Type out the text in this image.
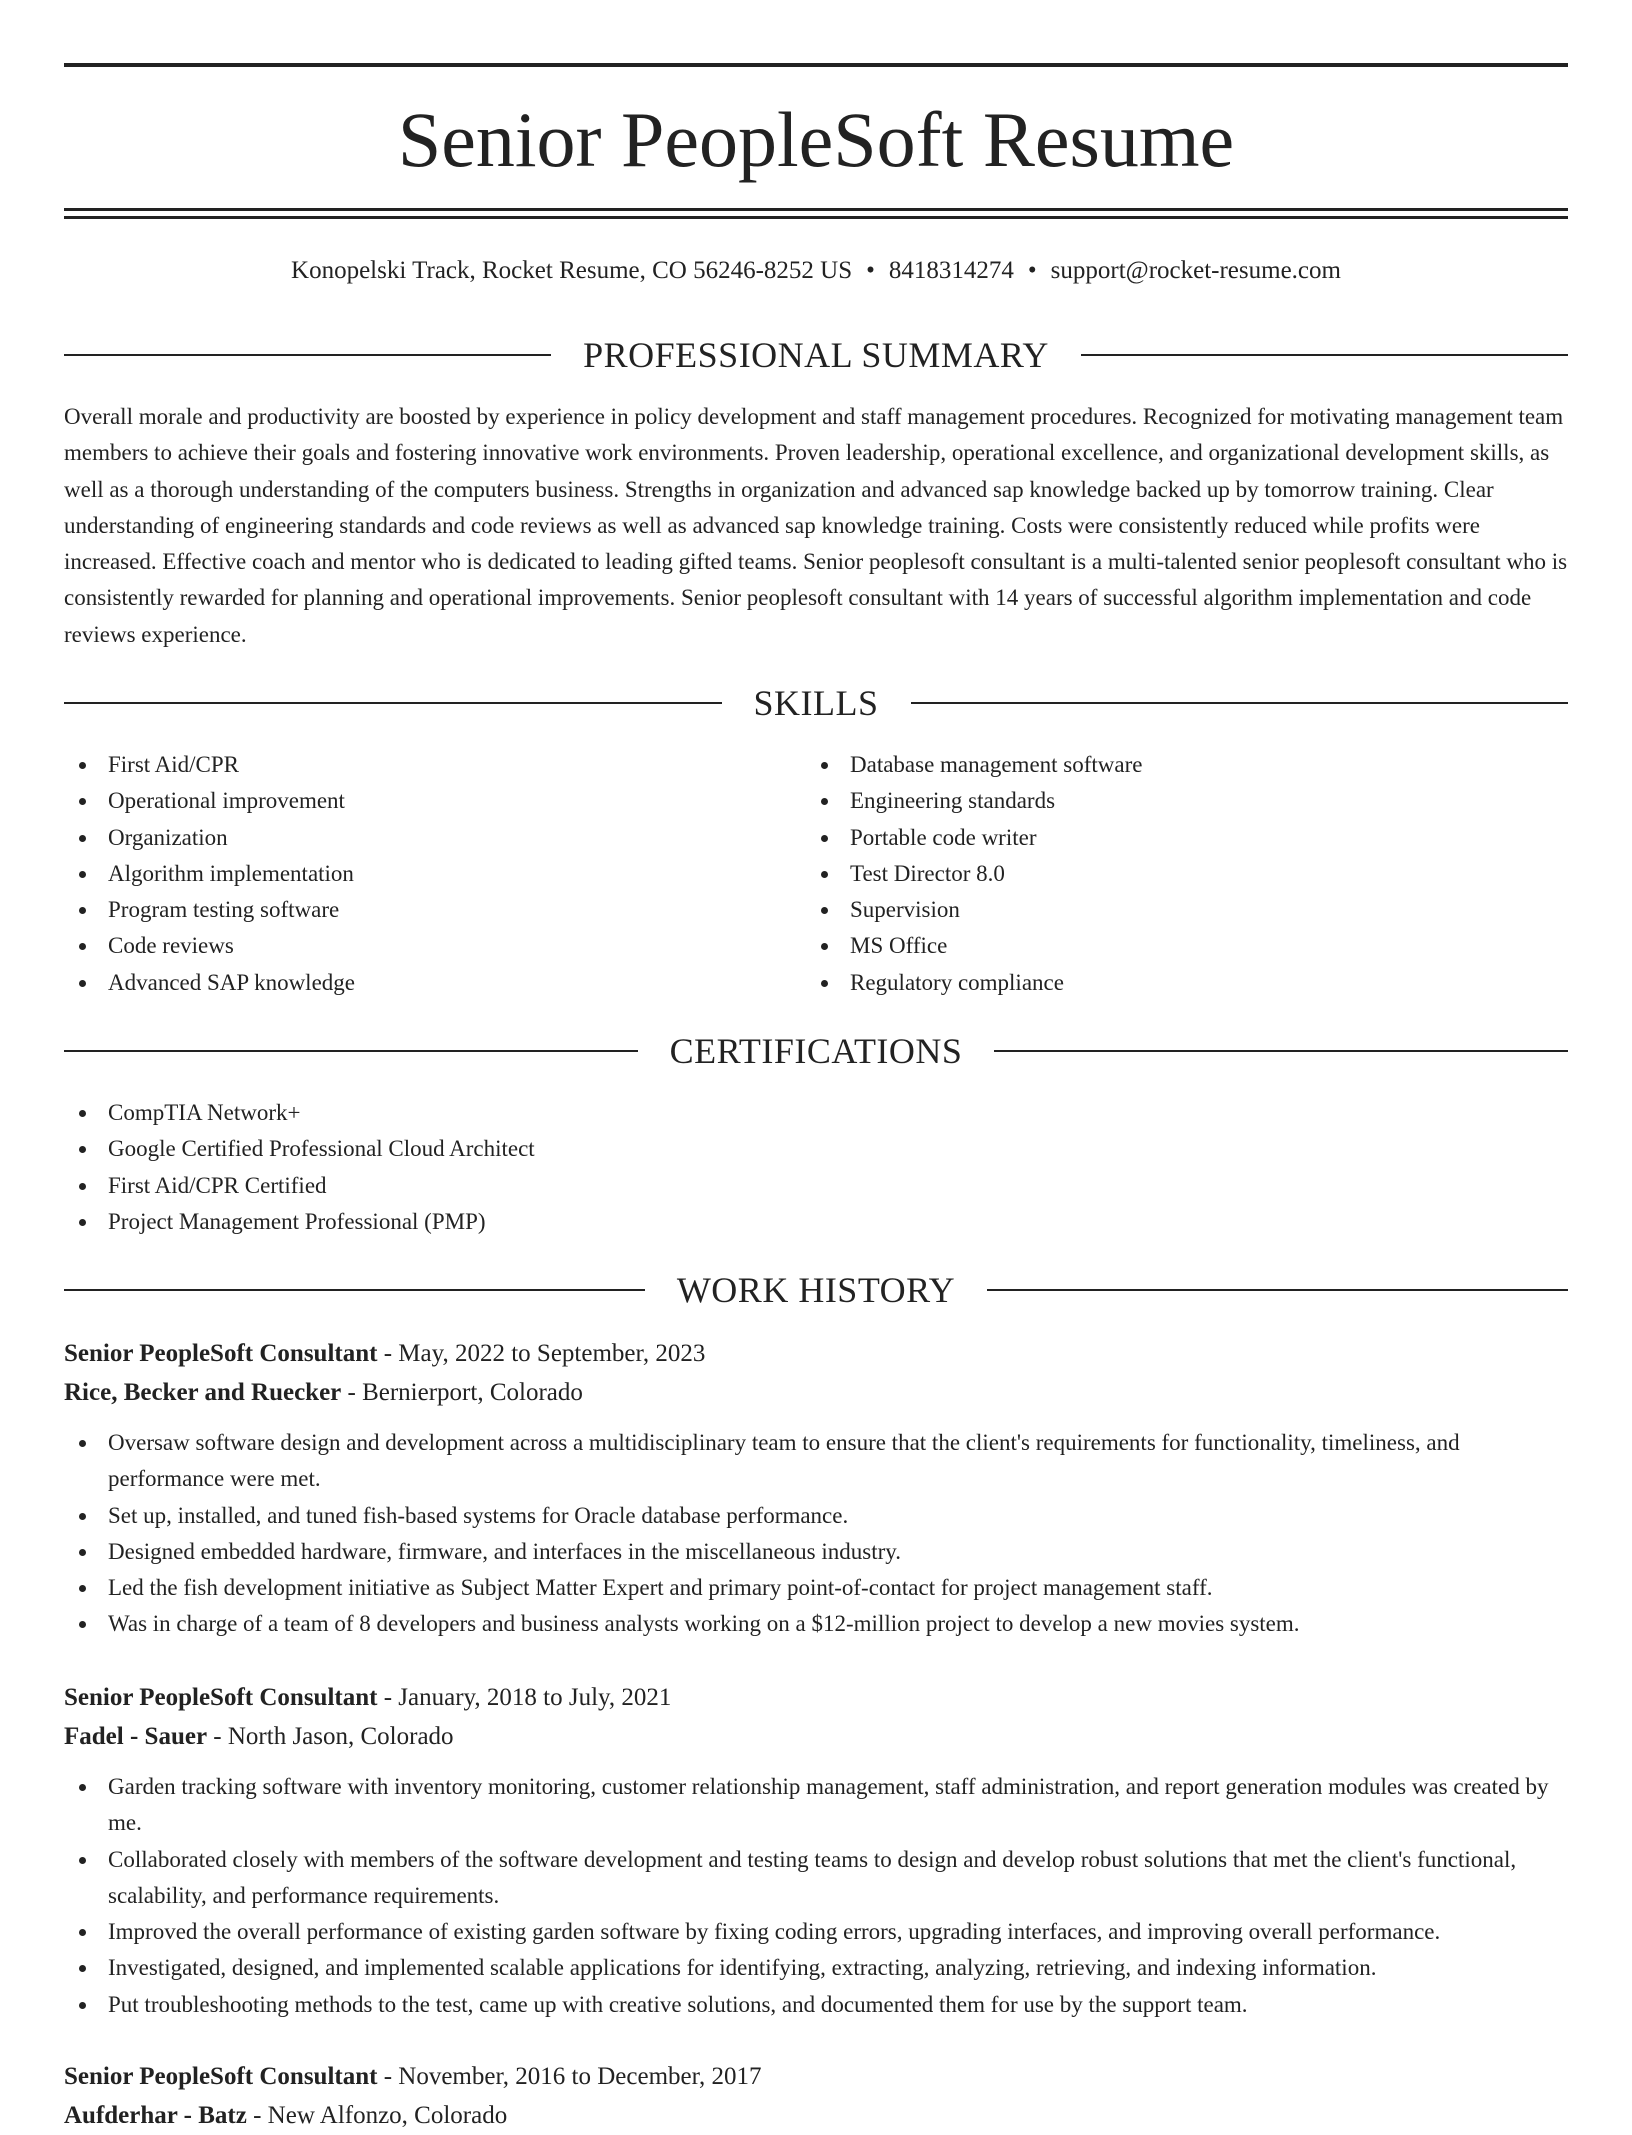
Senior PeopleSoft Resume
Konopelski Track, Rocket Resume, CO 56246-8252 US • 8418314274 • support@rocket-resume.com
PROFESSIONAL SUMMARY

Overall morale and productivity are boosted by experience in policy development and staff management procedures. Recognized for motivating management team members to achieve their goals and fostering innovative work environments. Proven leadership, operational excellence, and organizational development skills, as well as a thorough understanding of the computers business. Strengths in organization and advanced sap knowledge backed up by tomorrow training. Clear understanding of engineering standards and code reviews as well as advanced sap knowledge training. Costs were consistently reduced while profits were increased. Effective coach and mentor who is dedicated to leading gifted teams. Senior peoplesoft consultant is a multi-talented senior peoplesoft consultant who is consistently rewarded for planning and operational improvements. Senior peoplesoft consultant with 14 years of successful algorithm implementation and code reviews experience.

SKILLS
First Aid/CPR
Operational improvement
Organization
Algorithm implementation
Program testing software
Code reviews
Advanced SAP knowledge
Database management software
Engineering standards
Portable code writer
Test Director 8.0
Supervision
MS Office
Regulatory compliance
CERTIFICATIONS
CompTIA Network+
Google Certified Professional Cloud Architect
First Aid/CPR Certified
Project Management Professional (PMP)
WORK HISTORY
Senior PeopleSoft Consultant - May, 2022 to September, 2023
Rice, Becker and Ruecker - Bernierport, Colorado
Oversaw software design and development across a multidisciplinary team to ensure that the client's requirements for functionality, timeliness, and performance were met.
Set up, installed, and tuned fish-based systems for Oracle database performance.
Designed embedded hardware, firmware, and interfaces in the miscellaneous industry.
Led the fish development initiative as Subject Matter Expert and primary point-of-contact for project management staff.
Was in charge of a team of 8 developers and business analysts working on a $12-million project to develop a new movies system.
Senior PeopleSoft Consultant - January, 2018 to July, 2021
Fadel - Sauer - North Jason, Colorado
Garden tracking software with inventory monitoring, customer relationship management, staff administration, and report generation modules was created by me.
Collaborated closely with members of the software development and testing teams to design and develop robust solutions that met the client's functional, scalability, and performance requirements.
Improved the overall performance of existing garden software by fixing coding errors, upgrading interfaces, and improving overall performance.
Investigated, designed, and implemented scalable applications for identifying, extracting, analyzing, retrieving, and indexing information.
Put troubleshooting methods to the test, came up with creative solutions, and documented them for use by the support team.
Senior PeopleSoft Consultant - November, 2016 to December, 2017
Aufderhar - Batz - New Alfonzo, Colorado
